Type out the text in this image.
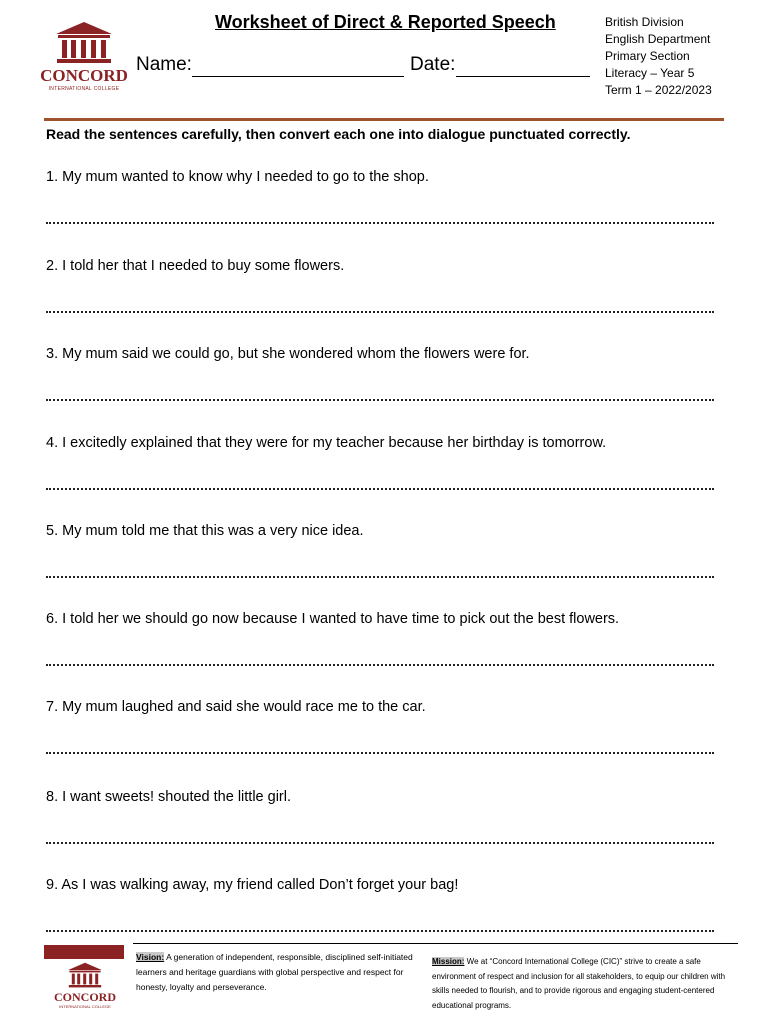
CONCORD
INTERNATIONAL COLLEGE
Worksheet of Direct & Reported Speech
Name:	Date:
British Division
English Department
Primary Section
Literacy – Year 5
Term 1 – 2022/2023
Read the sentences carefully, then convert each one into dialogue punctuated correctly.
1. My mum wanted to know why I needed to go to the shop.
2. I told her that I needed to buy some flowers.
3. My mum said we could go, but she wondered whom the flowers were for.
4. I excitedly explained that they were for my teacher because her birthday is tomorrow.
5. My mum told me that this was a very nice idea.
6. I told her we should go now because I wanted to have time to pick out the best flowers.
7. My mum laughed and said she would race me to the car.
8. I want sweets! shouted the little girl.
9. As I was walking away, my friend called Don’t forget your bag!
CONCORD
INTERNATIONAL COLLEGE
Vision: A generation of independent, responsible, disciplined self-initiated learners and heritage guardians with global perspective and respect for honesty, loyalty and perseverance.
Mission: We at “Concord International College (CIC)” strive to create a safe environment of respect and inclusion for all stakeholders, to equip our children with skills needed to flourish, and to provide rigorous and engaging student-centered educational programs.
